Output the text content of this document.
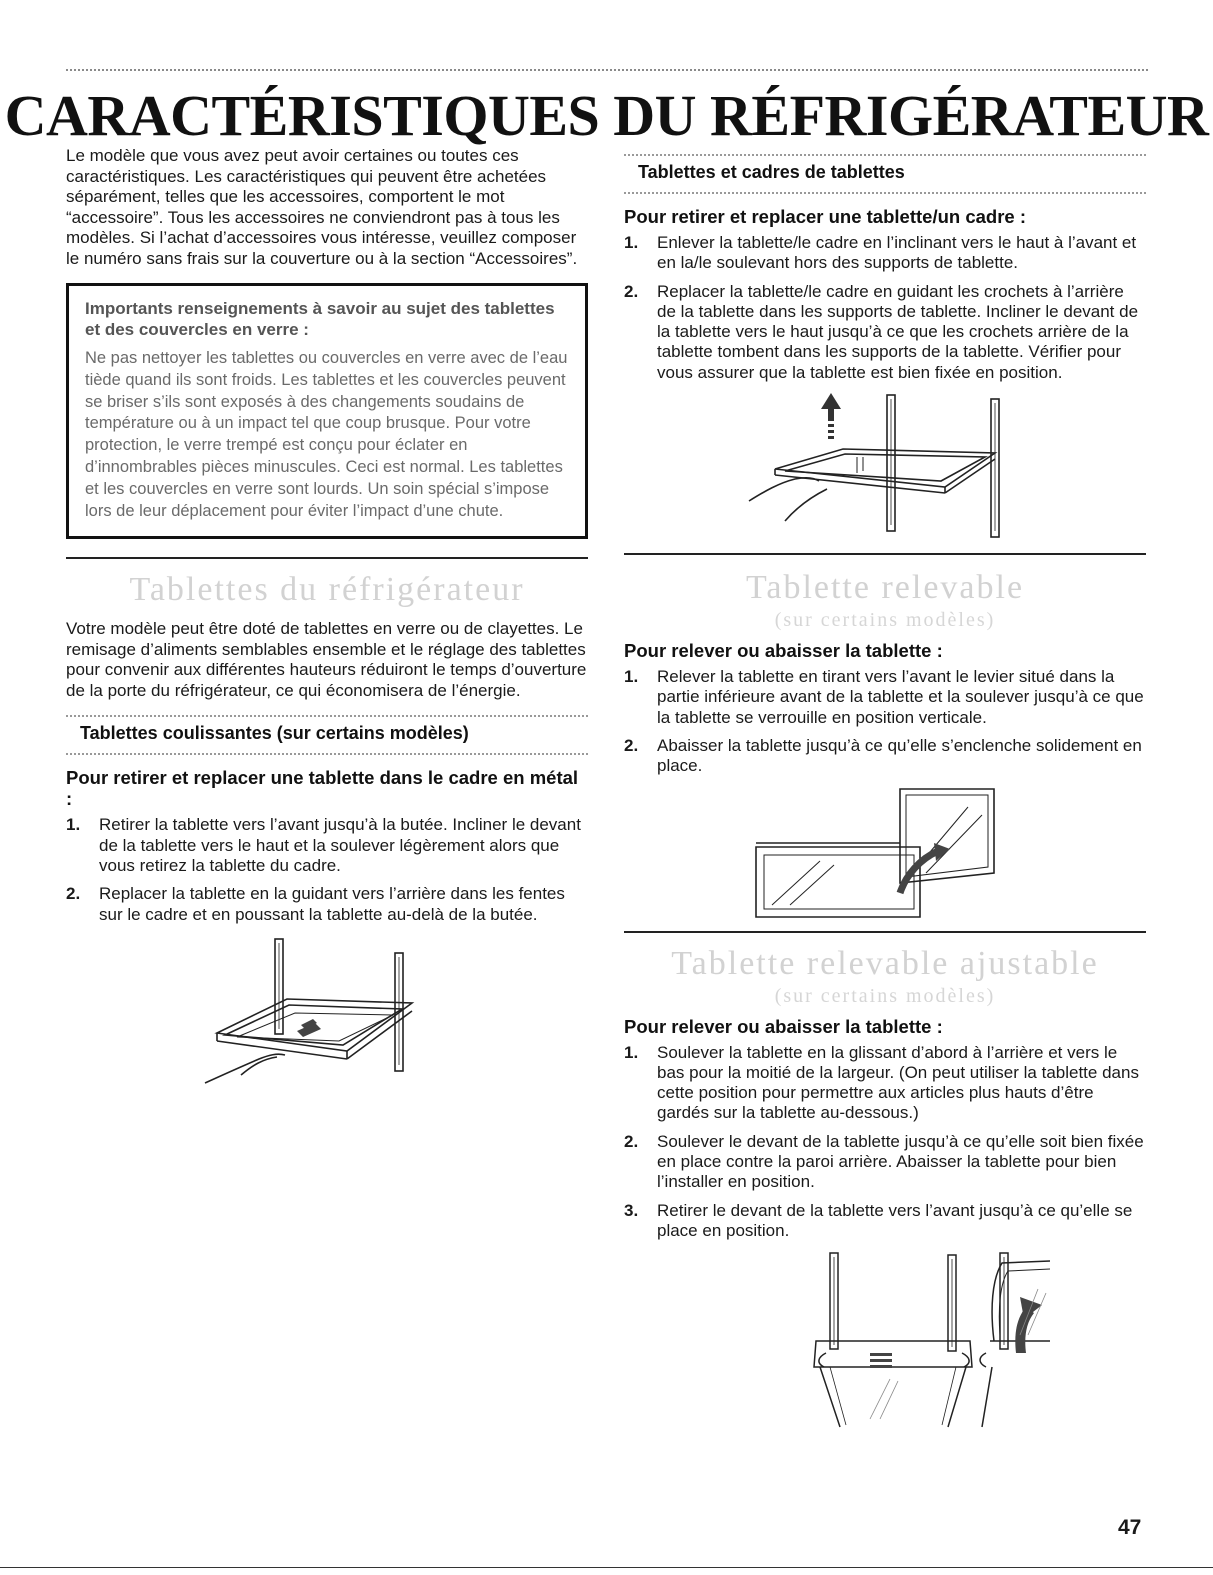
CARACTÉRISTIQUES DU RÉFRIGÉRATEUR

Le modèle que vous avez peut avoir certaines ou toutes ces caractéristiques. Les caractéristiques qui peuvent être achetées séparément, telles que les accessoires, comportent le mot “accessoire”. Tous les accessoires ne conviendront pas à tous les modèles. Si l’achat d’accessoires vous intéresse, veuillez composer le numéro sans frais sur la couverture ou à la section “Accessoires”.

Importants renseignements à savoir au sujet des tablettes et des couvercles en verre :

Ne pas nettoyer les tablettes ou couvercles en verre avec de l’eau tiède quand ils sont froids. Les tablettes et les couvercles peuvent se briser s’ils sont exposés à des changements soudains de température ou à un impact tel que coup brusque. Pour votre protection, le verre trempé est conçu pour éclater en d’innombrables pièces minuscules. Ceci est normal. Les tablettes et les couvercles en verre sont lourds. Un soin spécial s’impose lors de leur déplacement pour éviter l’impact d’une chute.

Tablettes du réfrigérateur

Votre modèle peut être doté de tablettes en verre ou de clayettes. Le remisage d’aliments semblables ensemble et le réglage des tablettes pour convenir aux différentes hauteurs réduiront le temps d’ouverture de la porte du réfrigérateur, ce qui économisera de l’énergie.

Tablettes coulissantes (sur certains modèles)
Pour retirer et replacer une tablette dans le cadre en métal :
1. Retirer la tablette vers l’avant jusqu’à la butée. Incliner le devant de la tablette vers le haut et la soulever légèrement alors que vous retirez la tablette du cadre.
2. Replacer la tablette en la guidant vers l’arrière dans les fentes sur le cadre et en poussant la tablette au-delà de la butée.
Tablettes et cadres de tablettes
Pour retirer et replacer une tablette/un cadre :
1. Enlever la tablette/le cadre en l’inclinant vers le haut à l’avant et en la/le soulevant hors des supports de tablette.
2. Replacer la tablette/le cadre en guidant les crochets à l’arrière de la tablette dans les supports de tablette. Incliner le devant de la tablette vers le haut jusqu’à ce que les crochets arrière de la tablette tombent dans les supports de la tablette. Vérifier pour vous assurer que la tablette est bien fixée en position.

Tablette relevable

(sur certains modèles)

Pour relever ou abaisser la tablette :
1. Relever la tablette en tirant vers l’avant le levier situé dans la partie inférieure avant de la tablette et la soulever jusqu’à ce que la tablette se verrouille en position verticale.
2. Abaisser la tablette jusqu’à ce qu’elle s’enclenche solidement en place.

Tablette relevable ajustable

(sur certains modèles)

Pour relever ou abaisser la tablette :
1. Soulever la tablette en la glissant d’abord à l’arrière et vers le bas pour la moitié de la largeur. (On peut utiliser la tablette dans cette position pour permettre aux articles plus hauts d’être gardés sur la tablette au-dessous.)
2. Soulever le devant de la tablette jusqu’à ce qu’elle soit bien fixée en place contre la paroi arrière. Abaisser la tablette pour bien l’installer en position.
3. Retirer le devant de la tablette vers l’avant jusqu’à ce qu’elle se place en position.
47
